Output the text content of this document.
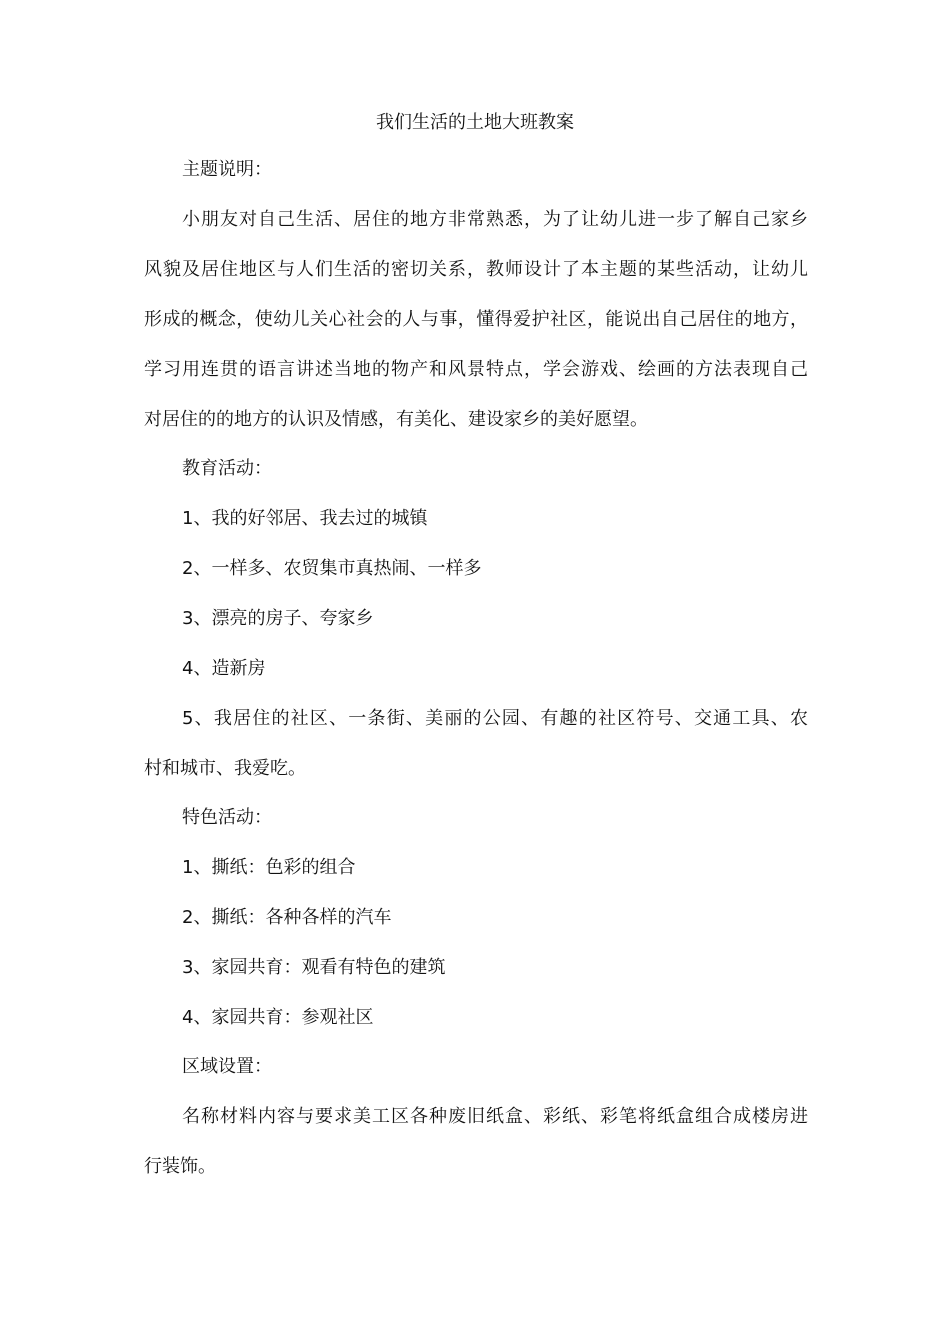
我们生活的土地大班教案

主题说明：

小朋友对自己生活、居住的地方非常熟悉，为了让幼儿进一步了解自己家乡

风貌及居住地区与人们生活的密切关系，教师设计了本主题的某些活动，让幼儿

形成的概念，使幼儿关心社会的人与事，懂得爱护社区，能说出自己居住的地方，

学习用连贯的语言讲述当地的物产和风景特点，学会游戏、绘画的方法表现自己

对居住的的地方的认识及情感，有美化、建设家乡的美好愿望。

教育活动：

1、我的好邻居、我去过的城镇

2、一样多、农贸集市真热闹、一样多

3、漂亮的房子、夸家乡

4、造新房

5、我居住的社区、一条街、美丽的公园、有趣的社区符号、交通工具、农

村和城市、我爱吃。

特色活动：

1、撕纸：色彩的组合

2、撕纸：各种各样的汽车

3、家园共育：观看有特色的建筑

4、家园共育：参观社区

区域设置：

名称材料内容与要求美工区各种废旧纸盒、彩纸、彩笔将纸盒组合成楼房进

行装饰。
